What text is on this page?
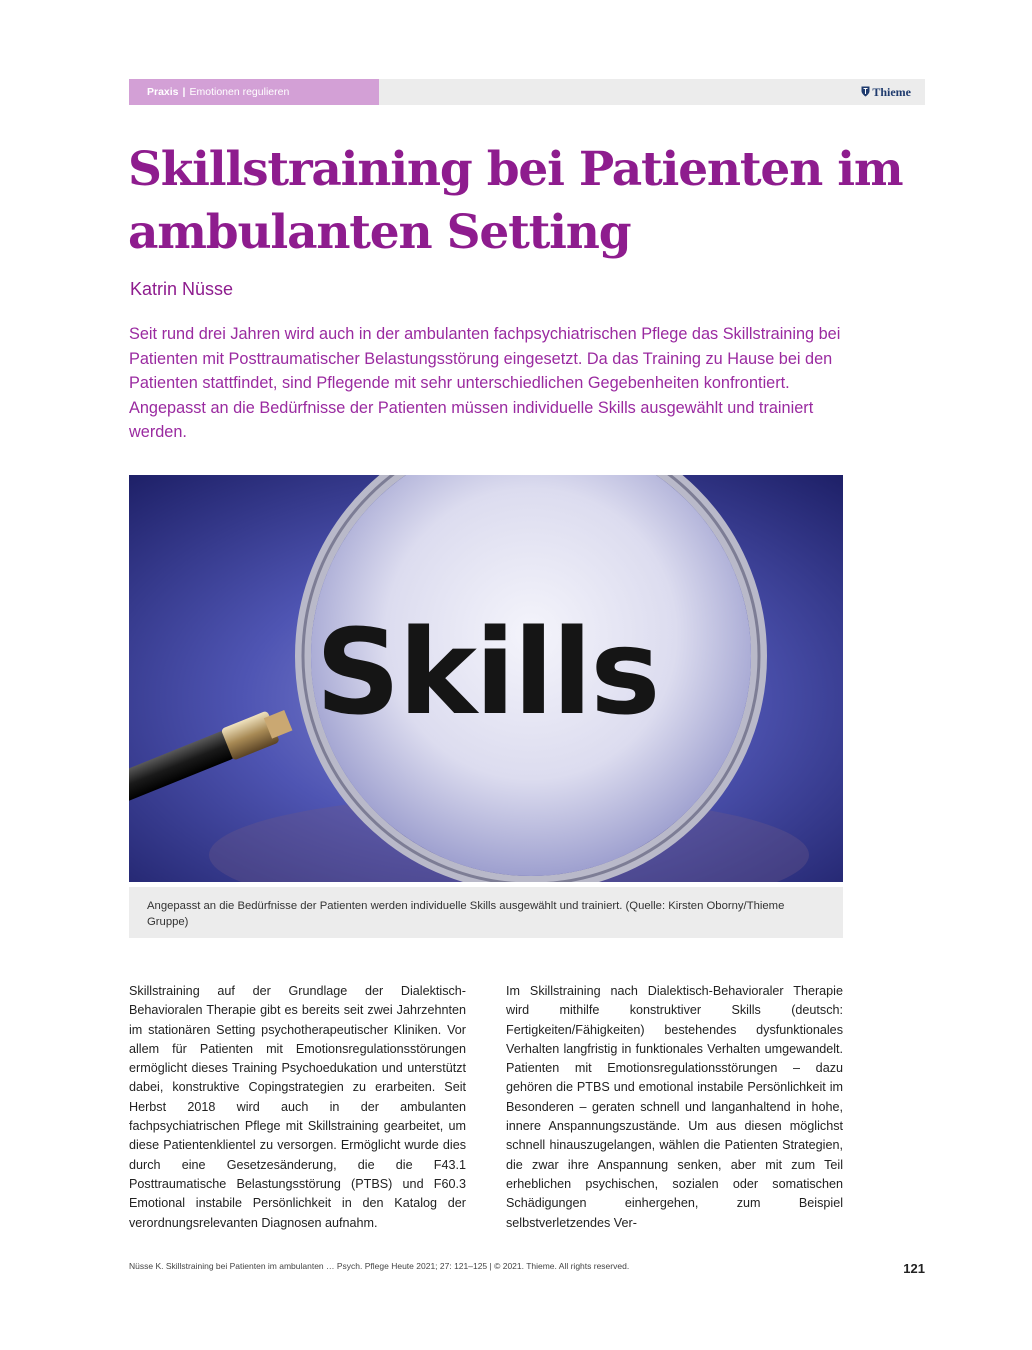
Praxis | Emotionen regulieren	Thieme
Skillstraining bei Patienten im ambulanten Setting
Katrin Nüsse

Seit rund drei Jahren wird auch in der ambulanten fachpsychiatrischen Pflege das Skillstraining bei Patienten mit Posttraumatischer Belastungsstörung eingesetzt. Da das Training zu Hause bei den Patienten stattfindet, sind Pflegende mit sehr unterschiedlichen Gegebenheiten konfrontiert. Angepasst an die Bedürfnisse der Patienten müssen individuelle Skills ausgewählt und trainiert werden.

Skills
Angepasst an die Bedürfnisse der Patienten werden individuelle Skills ausgewählt und trainiert. (Quelle: Kirsten Oborny/Thieme Gruppe)

Skillstraining auf der Grundlage der Dialektisch-Behavioralen Therapie gibt es bereits seit zwei Jahrzehnten im stationären Setting psychotherapeutischer Kliniken. Vor allem für Patienten mit Emotionsregulationsstörungen ermöglicht dieses Training Psychoedukation und unterstützt dabei, konstruktive Copingstrategien zu erarbeiten. Seit Herbst 2018 wird auch in der ambulanten fachpsychiatrischen Pflege mit Skillstraining gearbeitet, um diese Patientenklientel zu versorgen. Ermöglicht wurde dies durch eine Gesetzesänderung, die die F43.1 Posttraumatische Belastungsstörung (PTBS) und F60.3 Emotional instabile Persönlichkeit in den Katalog der verordnungsrelevanten Diagnosen aufnahm.

Im Skillstraining nach Dialektisch-Behavioraler Therapie wird mithilfe konstruktiver Skills (deutsch: Fertigkeiten/Fähigkeiten) bestehendes dysfunktionales Verhalten langfristig in funktionales Verhalten umgewandelt. Patienten mit Emotionsregulationsstörungen – dazu gehören die PTBS und emotional instabile Persönlichkeit im Besonderen – geraten schnell und langanhaltend in hohe, innere Anspannungszustände. Um aus diesen möglichst schnell hinauszugelangen, wählen die Patienten Strategien, die zwar ihre Anspannung senken, aber mit zum Teil erheblichen psychischen, sozialen oder somatischen Schädigungen einhergehen, zum Beispiel selbstverletzendes Ver-

Nüsse K. Skillstraining bei Patienten im ambulanten … Psych. Pflege Heute 2021; 27: 121–125 | © 2021. Thieme. All rights reserved.	121
